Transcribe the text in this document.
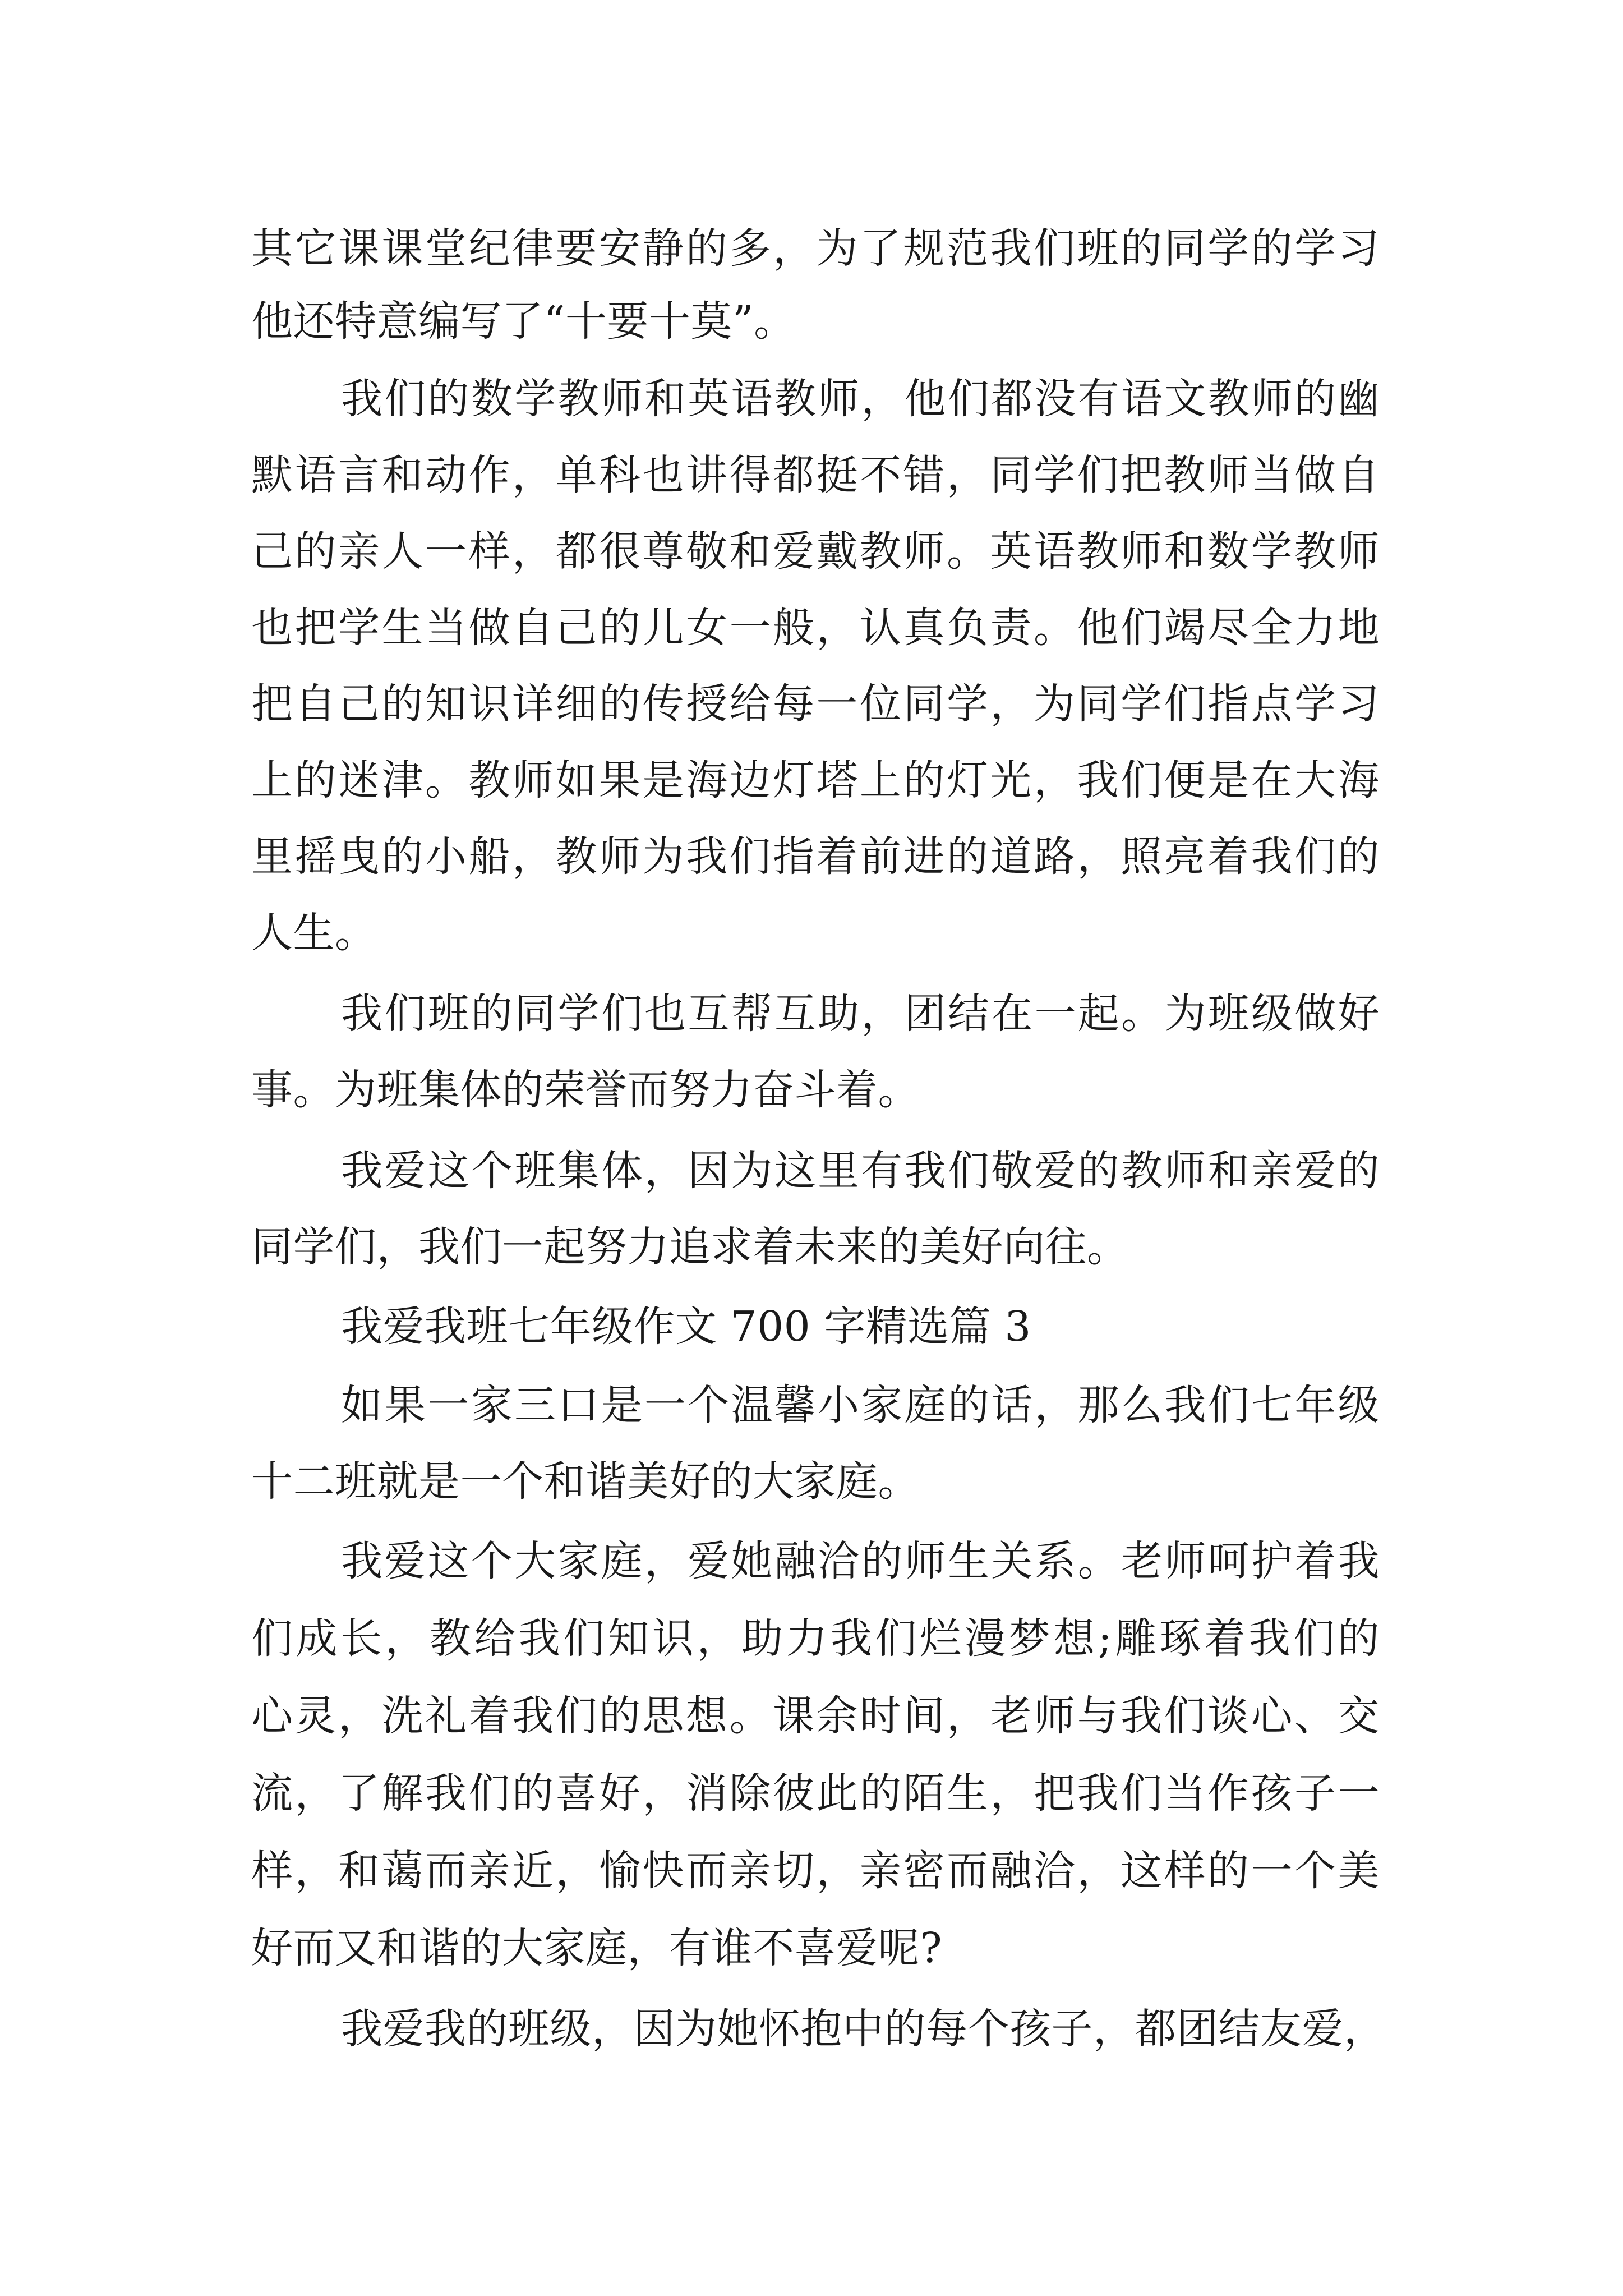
其它课课堂纪律要安静的多，为了规范我们班的同学的学习
他还特意编写了“十要十莫”。
我们的数学教师和英语教师，他们都没有语文教师的幽
默语言和动作，单科也讲得都挺不错，同学们把教师当做自
己的亲人一样，都很尊敬和爱戴教师。英语教师和数学教师
也把学生当做自己的儿女一般，认真负责。他们竭尽全力地
把自己的知识详细的传授给每一位同学，为同学们指点学习
上的迷津。教师如果是海边灯塔上的灯光，我们便是在大海
里摇曳的小船，教师为我们指着前进的道路，照亮着我们的
人生。
我们班的同学们也互帮互助，团结在一起。为班级做好
事。为班集体的荣誉而努力奋斗着。
我爱这个班集体，因为这里有我们敬爱的教师和亲爱的
同学们，我们一起努力追求着未来的美好向往。
我爱我班七年级作文 700 字精选篇 3
如果一家三口是一个温馨小家庭的话，那么我们七年级
十二班就是一个和谐美好的大家庭。
我爱这个大家庭，爱她融洽的师生关系。老师呵护着我
们成长，教给我们知识，助力我们烂漫梦想;雕琢着我们的
心灵，洗礼着我们的思想。课余时间，老师与我们谈心、交
流，了解我们的喜好，消除彼此的陌生，把我们当作孩子一
样，和蔼而亲近，愉快而亲切，亲密而融洽，这样的一个美
好而又和谐的大家庭，有谁不喜爱呢?
我爱我的班级，因为她怀抱中的每个孩子，都团结友爱，
